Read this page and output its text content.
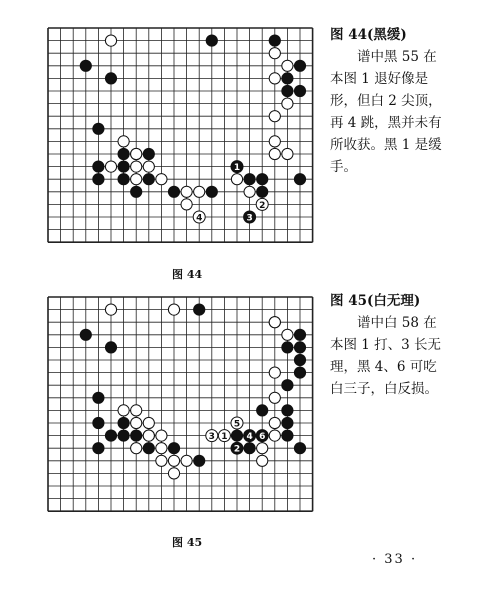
1
2
3
4
图 44
图 44(黑缓)
谱中黑 55 在本图 1 退好像是形，但白 2 尖顶，再 4 跳，黑并未有所收获。黑 1 是缓手。
1
2
3	4
5
6
图 45
图 45(白无理)
谱中白 58 在本图 1 打、3 长无理，黑 4、6 可吃白三子，白反损。
· 33 ·
